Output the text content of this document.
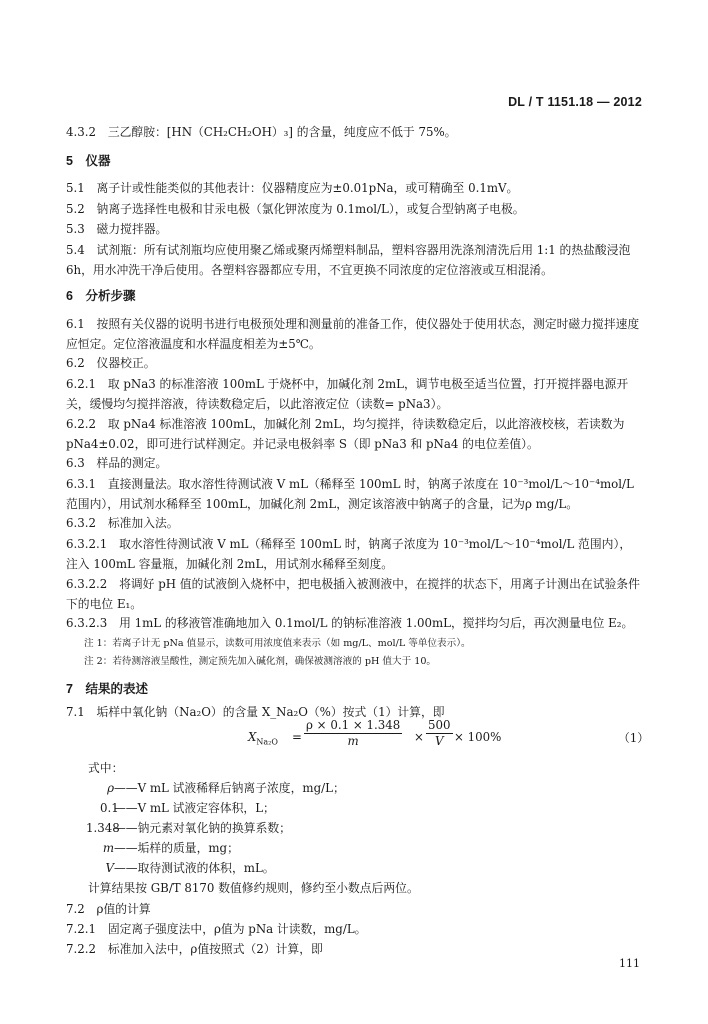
DL / T 1151.18 — 2012
4.3.2　三乙醇胺：[HN（CH₂CH₂OH）₃] 的含量，纯度应不低于 75%。
5　仪器
5.1　离子计或性能类似的其他表计：仪器精度应为±0.01pNa，或可精确至 0.1mV。
5.2　钠离子选择性电极和甘汞电极（氯化钾浓度为 0.1mol/L），或复合型钠离子电极。
5.3　磁力搅拌器。
5.4　试剂瓶：所有试剂瓶均应使用聚乙烯或聚丙烯塑料制品，塑料容器用洗涤剂清洗后用 1:1 的热盐酸浸泡 6h，用水冲洗干净后使用。各塑料容器都应专用，不宜更换不同浓度的定位溶液或互相混淆。
6　分析步骤
6.1　按照有关仪器的说明书进行电极预处理和测量前的准备工作，使仪器处于使用状态，测定时磁力搅拌速度应恒定。定位溶液温度和水样温度相差为±5℃。
6.2　仪器校正。
6.2.1　取 pNa3 的标准溶液 100mL 于烧杯中，加碱化剂 2mL，调节电极至适当位置，打开搅拌器电源开关，缓慢均匀搅拌溶液，待读数稳定后，以此溶液定位（读数= pNa3）。
6.2.2　取 pNa4 标准溶液 100mL，加碱化剂 2mL，均匀搅拌，待读数稳定后，以此溶液校核，若读数为 pNa4±0.02，即可进行试样测定。并记录电极斜率 S（即 pNa3 和 pNa4 的电位差值）。
6.3　样品的测定。
6.3.1　直接测量法。取水溶性待测试液 V mL（稀释至 100mL 时，钠离子浓度在 10⁻³mol/L～10⁻⁴mol/L 范围内），用试剂水稀释至 100mL，加碱化剂 2mL，测定该溶液中钠离子的含量，记为ρ mg/L。
6.3.2　标准加入法。
6.3.2.1　取水溶性待测试液 V mL（稀释至 100mL 时，钠离子浓度为 10⁻³mol/L～10⁻⁴mol/L 范围内），注入 100mL 容量瓶，加碱化剂 2mL，用试剂水稀释至刻度。
6.3.2.2　将调好 pH 值的试液倒入烧杯中，把电极插入被测液中，在搅拌的状态下，用离子计测出在试验条件下的电位 E₁。
6.3.2.3　用 1mL 的移液管准确地加入 0.1mol/L 的钠标准溶液 1.00mL，搅拌均匀后，再次测量电位 E₂。
注 1：若离子计无 pNa 值显示，读数可用浓度值来表示（如 mg/L、mol/L 等单位表示）。
注 2：若待测溶液呈酸性，测定预先加入碱化剂，确保被测溶液的 pH 值大于 10。
7　结果的表述
7.1　垢样中氧化钠（Na₂O）的含量 X_Na₂O（%）按式（1）计算，即
$X_{Na_2O} = \frac{\rho \times 0.1 \times 1.348}{m} \times \frac{500}{V} \times 100\%$	（1）
式中：
ρ——V mL 试液稀释后钠离子浓度，mg/L；
0.1——V mL 试液定容体积，L；
1.348——钠元素对氧化钠的换算系数；
m——垢样的质量，mg；
V——取待测试液的体积，mL。
计算结果按 GB/T 8170 数值修约规则，修约至小数点后两位。
7.2　ρ值的计算
7.2.1　固定离子强度法中，ρ值为 pNa 计读数，mg/L。
7.2.2　标准加入法中，ρ值按照式（2）计算，即
111
